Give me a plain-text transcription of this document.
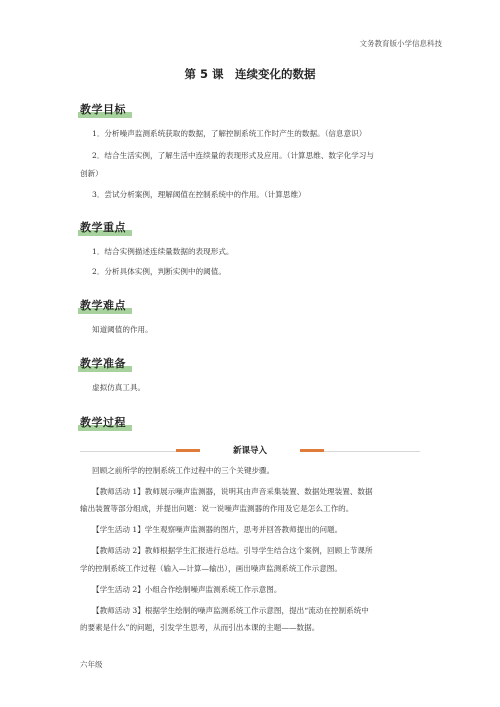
文务教育版小学信息科技
第 5 课　连续变化的数据
教学目标
1．分析噪声监测系统获取的数据，了解控制系统工作时产生的数据。（信息意识）
2．结合生活实例，了解生活中连续量的表现形式及应用。（计算思维、数字化学习与
创新）
3．尝试分析案例，理解阈值在控制系统中的作用。（计算思维）
教学重点
1．结合实例描述连续量数据的表现形式。
2．分析具体实例，判断实例中的阈值。
教学难点
知道阈值的作用。
教学准备
虚拟仿真工具。
教学过程
新课导入
回顾之前所学的控制系统工作过程中的三个关键步骤。
【教师活动 1】教师展示噪声监测器，说明其由声音采集装置、数据处理装置、数据
输出装置等部分组成，并提出问题：说一说噪声监测器的作用及它是怎么工作的。
【学生活动 1】学生观察噪声监测器的图片，思考并回答教师提出的问题。
【教师活动 2】教师根据学生汇报进行总结。引导学生结合这个案例，回顾上节课所
学的控制系统工作过程（输入—计算—输出），画出噪声监测系统工作示意图。
【学生活动 2】小组合作绘制噪声监测系统工作示意图。
【教师活动 3】根据学生绘制的噪声监测系统工作示意图，提出“流动在控制系统中
的要素是什么”的问题，引发学生思考，从而引出本课的主题——数据。
六年级
